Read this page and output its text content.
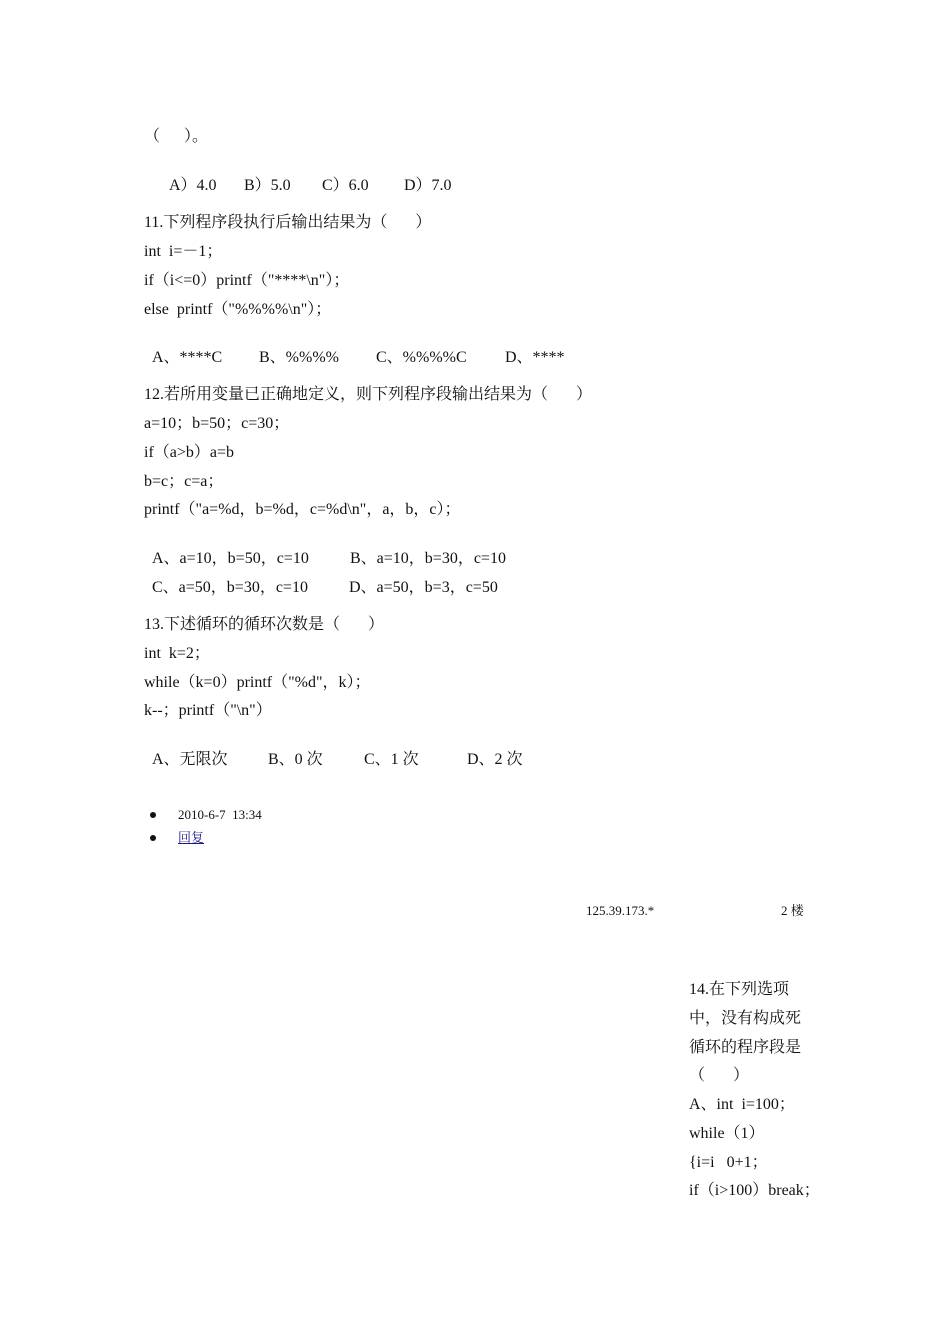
（      ）。

A）4.0 B）5.0 C）6.0 D）7.0

11.下列程序段执行后输出结果为（       ）
int  i=－1；
if（i<=0）printf（"****\n"）；
else  printf（"%%%%\n"）；

A、****C B、%%%% C、%%%%C D、****

12.若所用变量已正确地定义，则下列程序段输出结果为（       ）
a=10；b=50；c=30；
if（a>b）a=b
b=c；c=a；
printf（"a=%d，b=%d，c=%d\n"，a，b，c）；

A、a=10，b=50，c=10	B、a=10，b=30，c=10

C、a=50，b=30，c=10	D、a=50，b=3，c=50

13.下述循环的循环次数是（       ）
int  k=2；
while（k=0）printf（"%d"，k）；
k--；printf（"\n"）

A、无限次	B、0 次	C、1 次	D、2 次

2010-6-7  13:34
回复
125.39.173.*	2 楼
14.在下列选项
中，没有构成死
循环的程序段是
（       ）
A、int  i=100；
while（1）
{i=i   0+1；
if（i>100）break；
